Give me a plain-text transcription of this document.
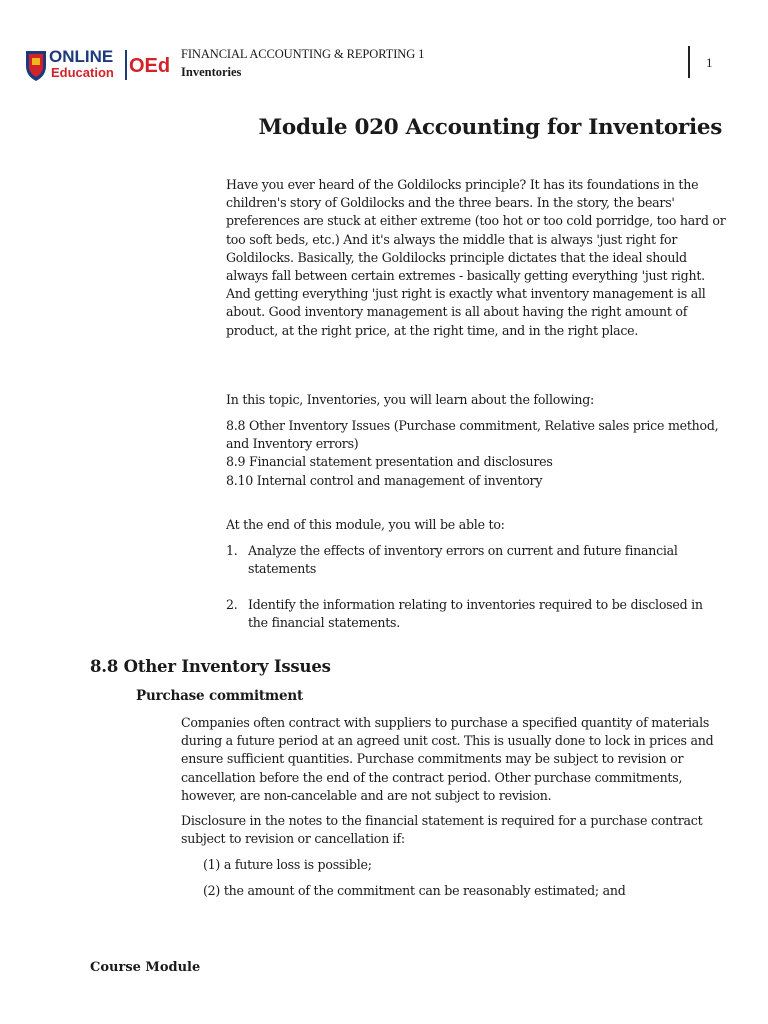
ONLINE
Education OEd
FINANCIAL ACCOUNTING & REPORTING 1
Inventories
1
Module 020 Accounting for Inventories
Have you ever heard of the Goldilocks principle? It has its foundations in the children's story of Goldilocks and the three bears. In the story, the bears' preferences are stuck at either extreme (too hot or too cold porridge, too hard or too soft beds, etc.) And it's always the middle that is always 'just right for Goldilocks. Basically, the Goldilocks principle dictates that the ideal should always fall between certain extremes - basically getting everything 'just right. And getting everything 'just right is exactly what inventory management is all about. Good inventory management is all about having the right amount of product, at the right price, at the right time, and in the right place.
In this topic, Inventories, you will learn about the following:
8.8 Other Inventory Issues (Purchase commitment, Relative sales price method, and Inventory errors)
8.9 Financial statement presentation and disclosures
8.10 Internal control and management of inventory
At the end of this module, you will be able to:
1. Analyze the effects of inventory errors on current and future financial statements
2. Identify the information relating to inventories required to be disclosed in the financial statements.
8.8 Other Inventory Issues
Purchase commitment
Companies often contract with suppliers to purchase a specified quantity of materials during a future period at an agreed unit cost. This is usually done to lock in prices and ensure sufficient quantities. Purchase commitments may be subject to revision or cancellation before the end of the contract period. Other purchase commitments, however, are non-cancelable and are not subject to revision.
Disclosure in the notes to the financial statement is required for a purchase contract subject to revision or cancellation if:
(1) a future loss is possible;
(2) the amount of the commitment can be reasonably estimated; and
Course Module
